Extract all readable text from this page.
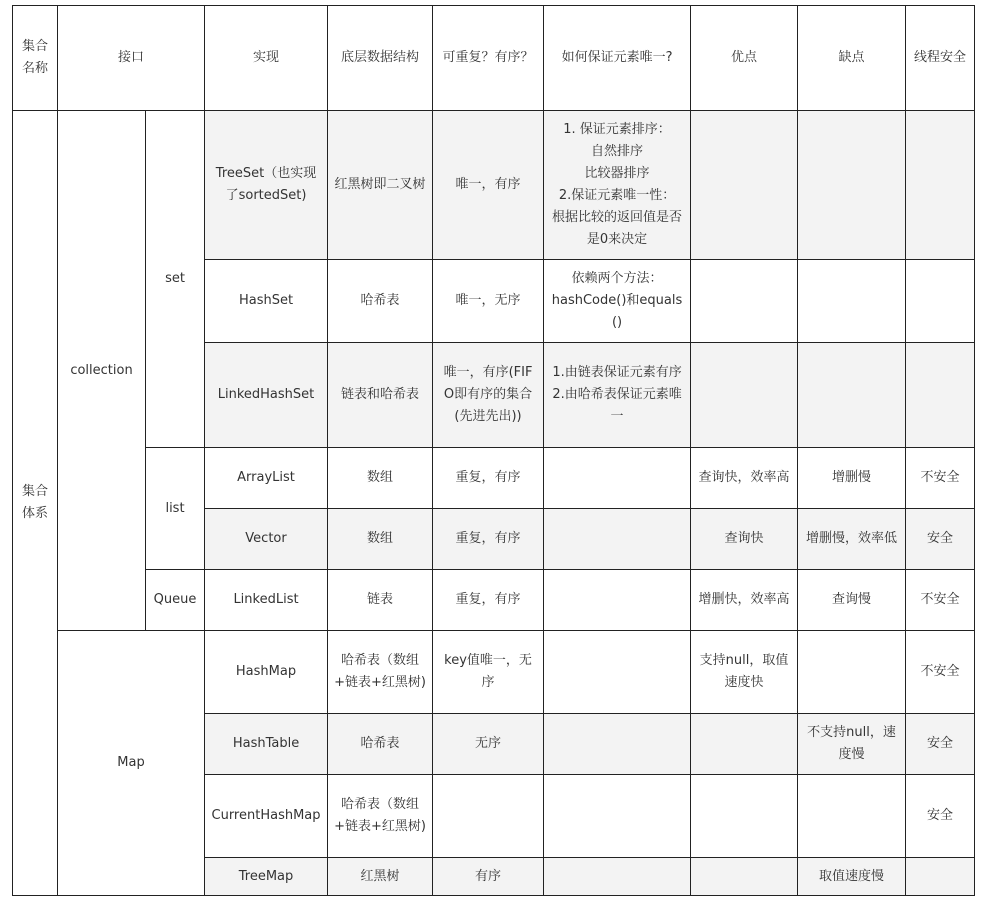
集合名称	接口		实现	底层数据结构	可重复？有序？	如何保证元素唯一?	优点	缺点	线程安全
集合体系	collection	set	TreeSet（也实现了sortedSet)	红黑树即二叉树	唯一，有序	1. 保证元素排序：
自然排序
比较器排序
2.保证元素唯一性：
根据比较的返回值是否是0来决定			

			HashSet	哈希表	唯一，无序	依赖两个方法：
hashCode()和equals()			

			LinkedHashSet	链表和哈希表	唯一，有序(FIFO即有序的集合(先进先出))	1.由链表保证元素有序
2.由哈希表保证元素唯一			

		list	ArrayList	数组	重复，有序		查询快，效率高	增删慢	不安全
			Vector	数组	重复，有序		查询快	增删慢，效率低	安全
		Queue	LinkedList	链表	重复，有序		增删快，效率高	查询慢	不安全
	Map		HashMap	哈希表（数组+链表+红黑树)	key值唯一，无序		支持null，取值速度快		不安全
			HashTable	哈希表	无序			不支持null，速度慢	安全
			CurrentHashMap	哈希表（数组+链表+红黑树)					安全
			TreeMap	红黑树	有序			取值速度慢	
